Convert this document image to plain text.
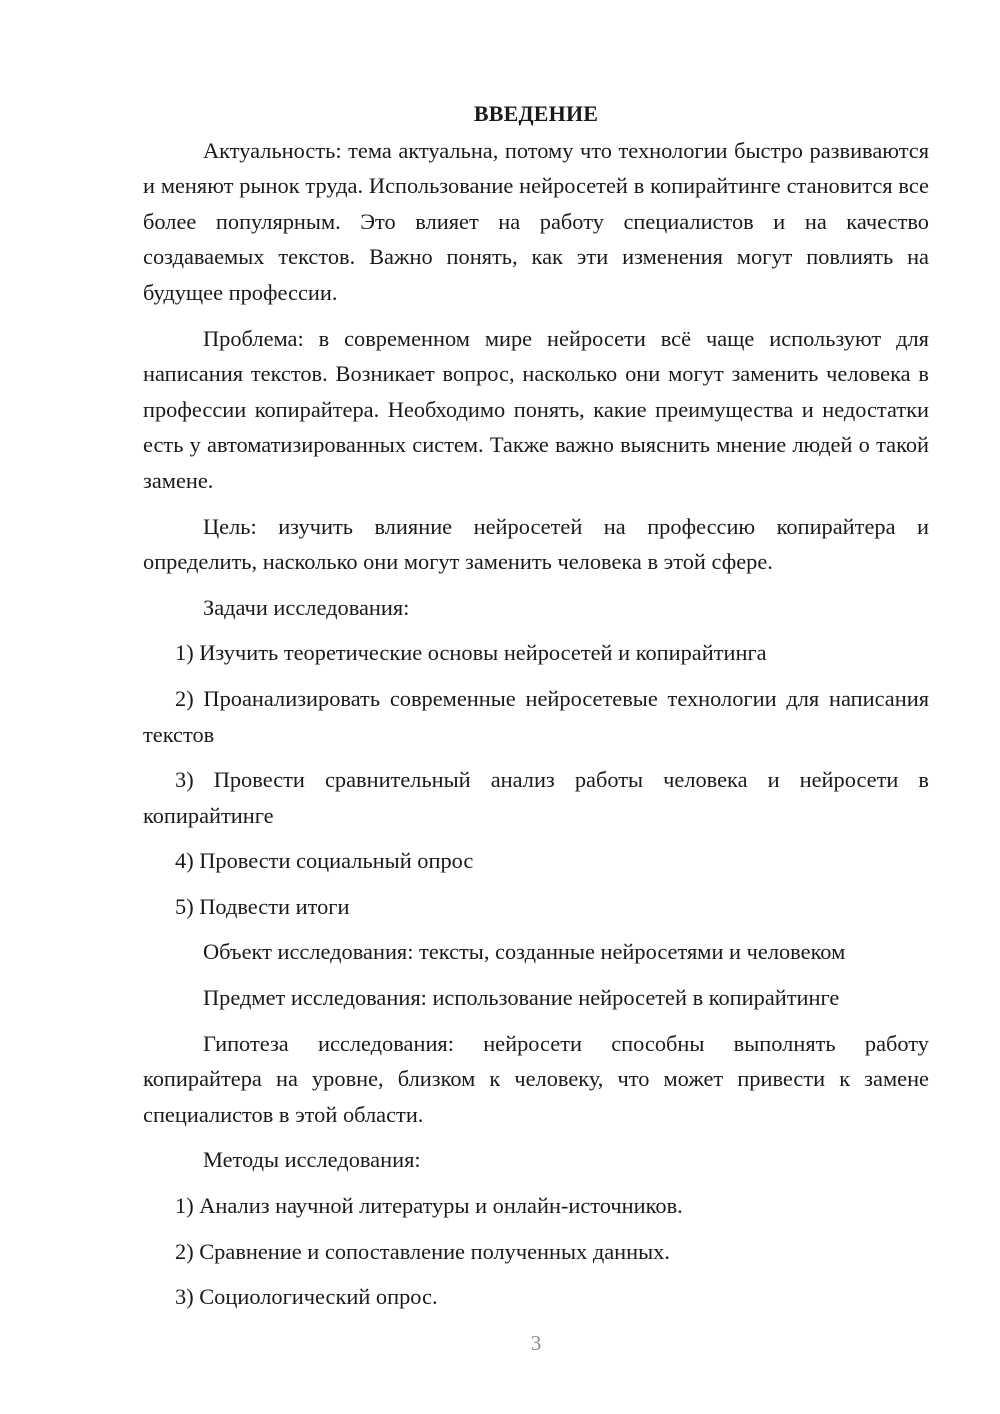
ВВЕДЕНИЕ

Актуальность: тема актуальна, потому что технологии быстро развиваются и меняют рынок труда. Использование нейросетей в копирайтинге становится все более популярным. Это влияет на работу специалистов и на качество создаваемых текстов. Важно понять, как эти изменения могут повлиять на будущее профессии.

Проблема: в современном мире нейросети всё чаще используют для написания текстов. Возникает вопрос, насколько они могут заменить человека в профессии копирайтера. Необходимо понять, какие преимущества и недостатки есть у автоматизированных систем. Также важно выяснить мнение людей о такой замене.

Цель: изучить влияние нейросетей на профессию копирайтера и определить, насколько они могут заменить человека в этой сфере.

Задачи исследования:

1) Изучить теоретические основы нейросетей и копирайтинга

2) Проанализировать современные нейросетевые технологии для написания текстов

3) Провести сравнительный анализ работы человека и нейросети в копирайтинге

4) Провести социальный опрос

5) Подвести итоги

Объект исследования: тексты, созданные нейросетями и человеком

Предмет исследования: использование нейросетей в копирайтинге

Гипотеза исследования: нейросети способны выполнять работу копирайтера на уровне, близком к человеку, что может привести к замене специалистов в этой области.

Методы исследования:

1) Анализ научной литературы и онлайн-источников.

2) Сравнение и сопоставление полученных данных.

3) Социологический опрос.

3
